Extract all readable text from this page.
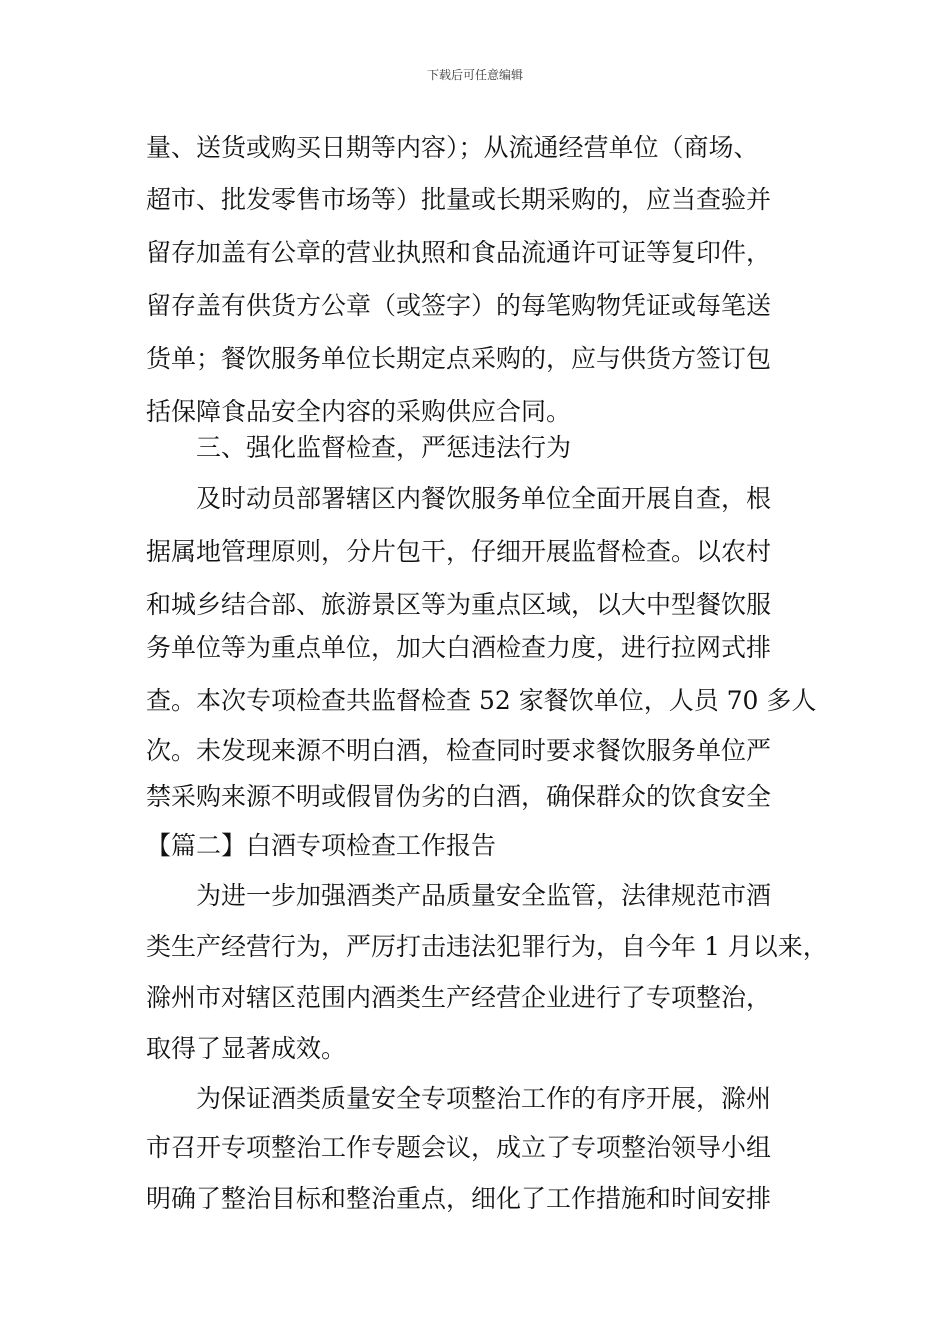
下载后可任意编辑
量、送货或购买日期等内容）；从流通经营单位（商场、
超市、批发零售市场等）批量或长期采购的，应当查验并
留存加盖有公章的营业执照和食品流通许可证等复印件，
留存盖有供货方公章（或签字）的每笔购物凭证或每笔送
货单；餐饮服务单位长期定点采购的，应与供货方签订包
括保障食品安全内容的采购供应合同。
三、强化监督检查，严惩违法行为
及时动员部署辖区内餐饮服务单位全面开展自查，根
据属地管理原则，分片包干，仔细开展监督检查。以农村
和城乡结合部、旅游景区等为重点区域，以大中型餐饮服
务单位等为重点单位，加大白酒检查力度，进行拉网式排
查。本次专项检查共监督检查 52 家餐饮单位，人员 70 多人
次。未发现来源不明白酒，检查同时要求餐饮服务单位严
禁采购来源不明或假冒伪劣的白酒，确保群众的饮食安全
【篇二】白酒专项检查工作报告
为进一步加强酒类产品质量安全监管，法律规范市酒
类生产经营行为，严厉打击违法犯罪行为，自今年 1 月以来，
滁州市对辖区范围内酒类生产经营企业进行了专项整治，
取得了显著成效。
为保证酒类质量安全专项整治工作的有序开展，滁州
市召开专项整治工作专题会议，成立了专项整治领导小组
明确了整治目标和整治重点，细化了工作措施和时间安排
